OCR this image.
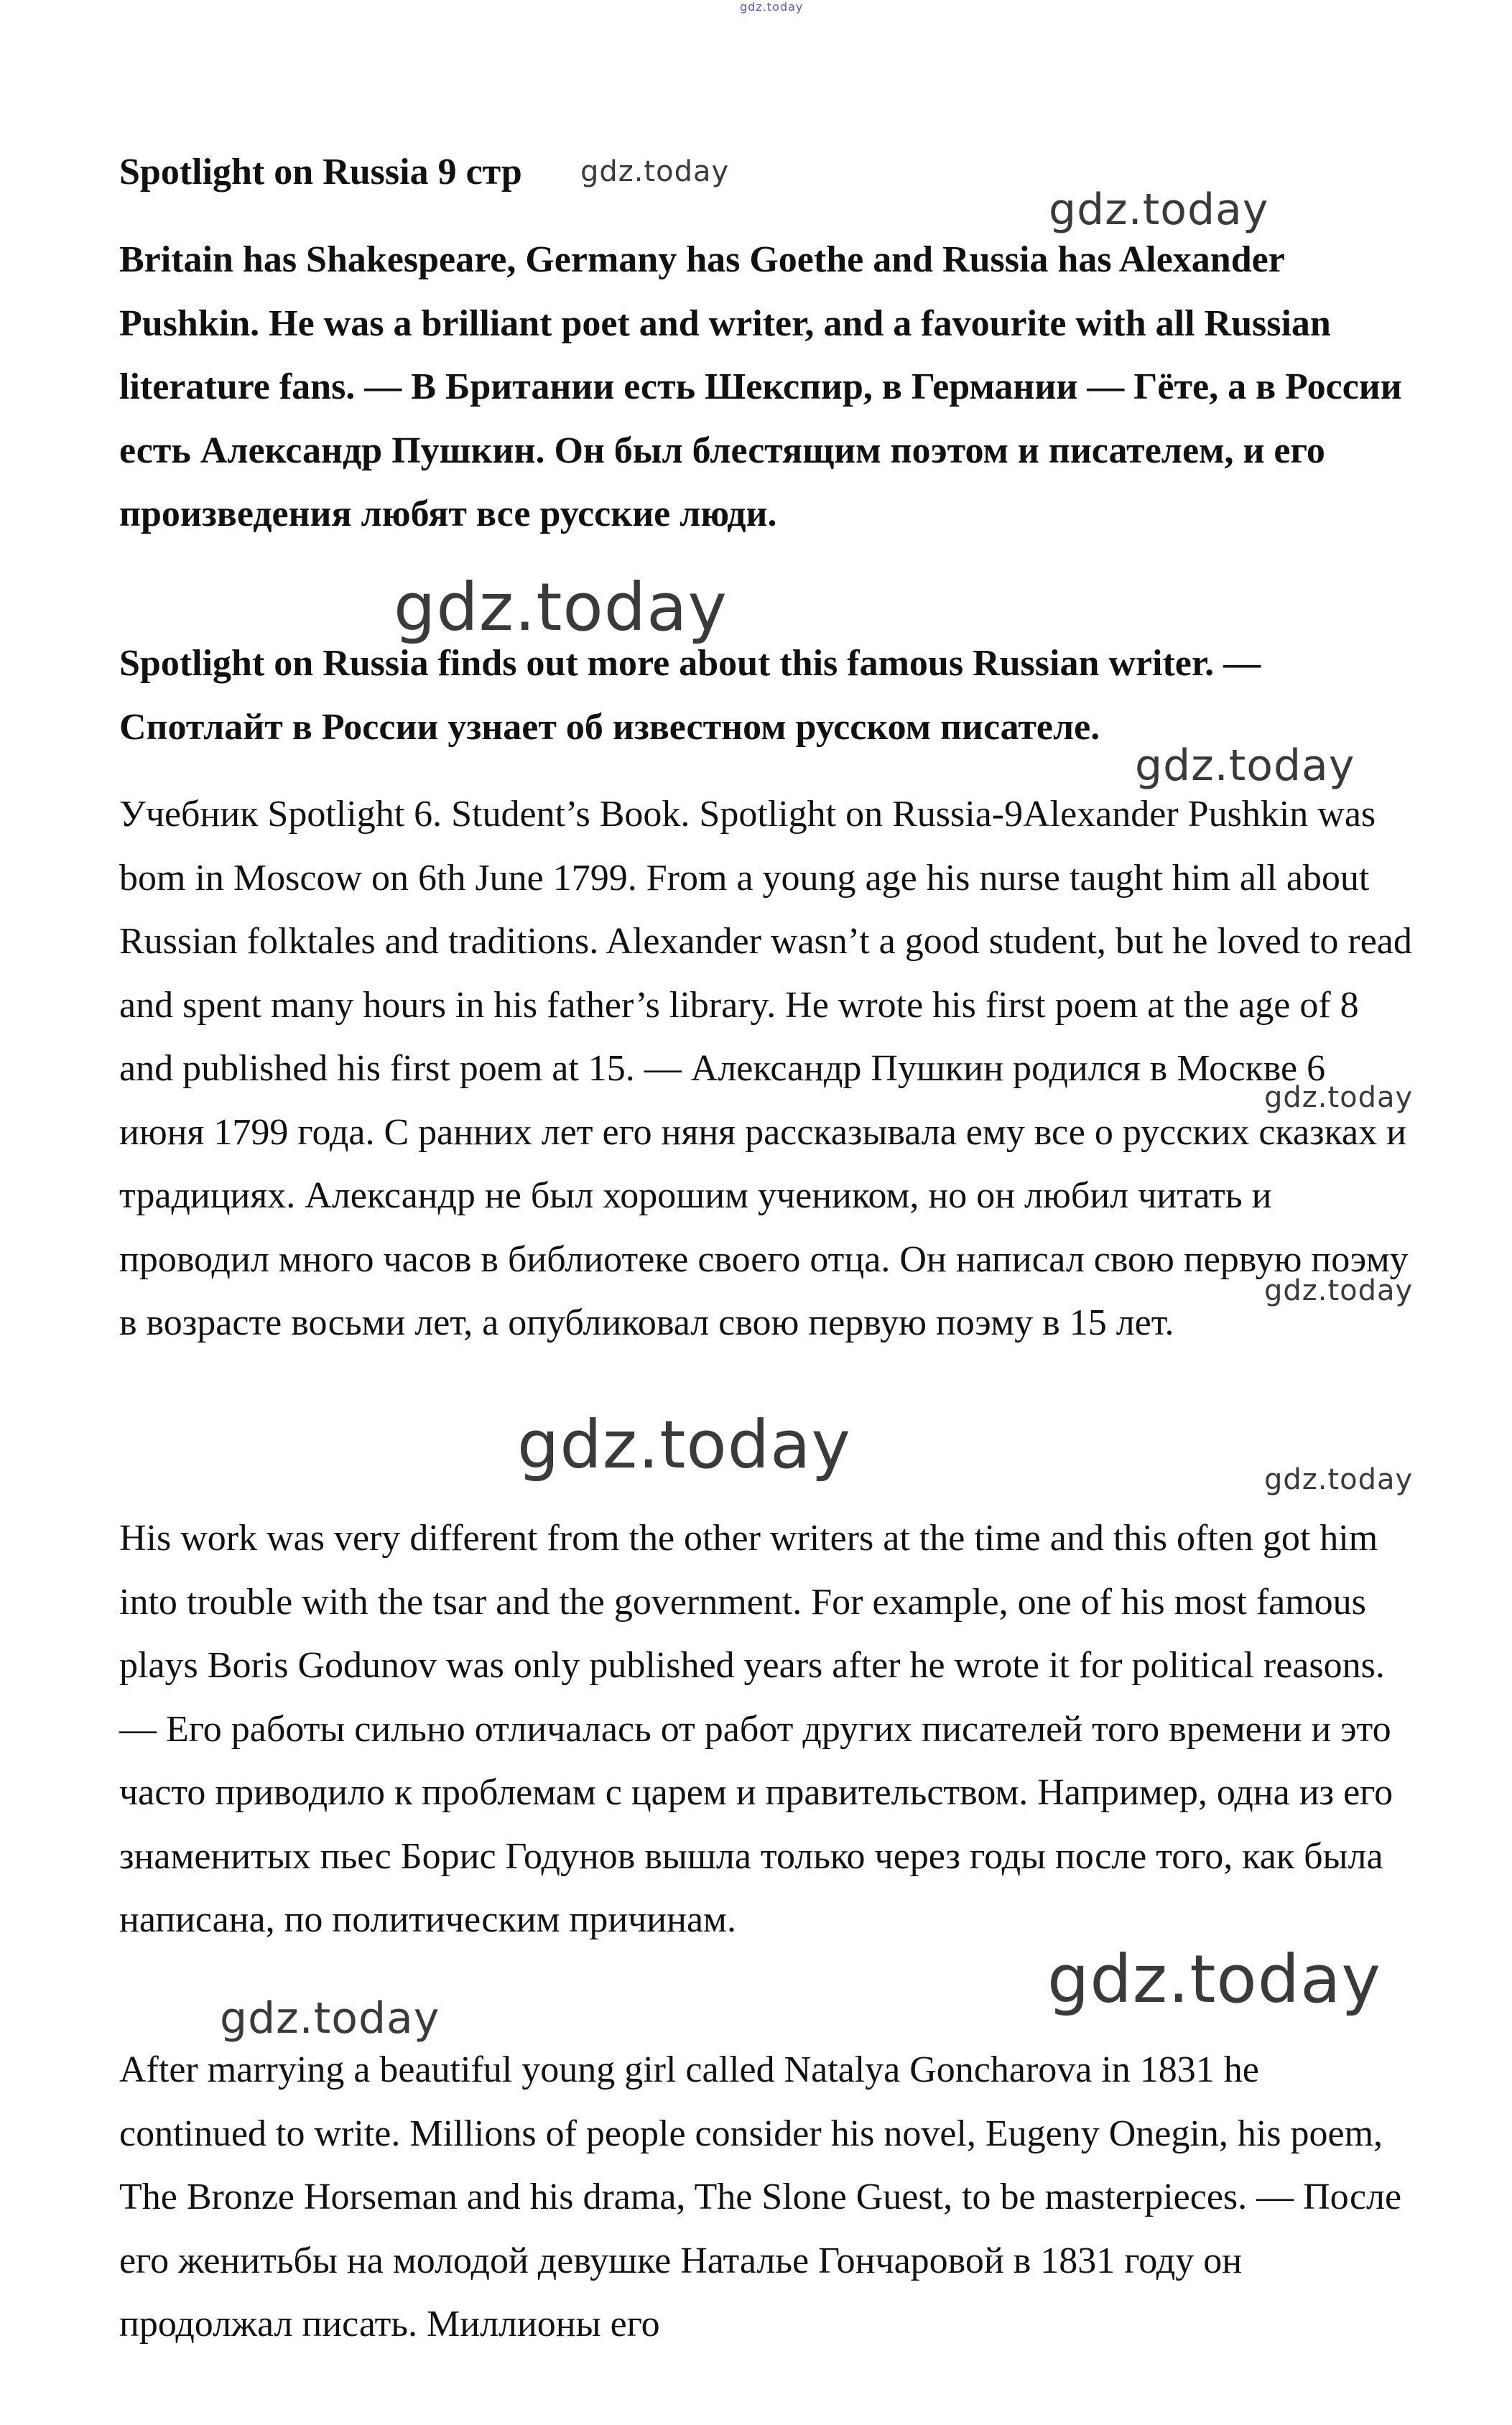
gdz.today
gdz.today
gdz.today
gdz.today
gdz.today
gdz.today
gdz.today
gdz.today	gdz.today
gdz.today
gdz.today

Spotlight on Russia 9 стр

Britain has Shakespeare, Germany has Goethe and Russia has Alexander Pushkin. He was a brilliant poet and writer, and a favourite with all Russian literature fans. — В Британии есть Шекспир, в Германии — Гёте, а в России есть Александр Пушкин. Он был блестящим поэтом и писателем, и его произведения любят все русские люди.

Spotlight on Russia finds out more about this famous Russian writer. — Спотлайт в России узнает об известном русском писателе.

Учебник Spotlight 6. Student’s Book. Spotlight on Russia-9Alexander Pushkin was bom in Moscow on 6th June 1799. From a young age his nurse taught him all about Russian folktales and traditions. Alexander wasn’t a good student, but he loved to read and spent many hours in his father’s library. He wrote his first poem at the age of 8 and published his first poem at 15. — Александр Пушкин родился в Москве 6 июня 1799 года. С ранних лет его няня рассказывала ему все о русских сказках и традициях. Александр не был хорошим учеником, но он любил читать и проводил много часов в библиотеке своего отца. Он написал свою первую поэму в возрасте восьми лет, а опубликовал свою первую поэму в 15 лет.

His work was very different from the other writers at the time and this often got him into trouble with the tsar and the government. For example, one of his most famous plays Boris Godunov was only published years after he wrote it for political reasons. — Его работы сильно отличалась от работ других писателей того времени и это часто приводило к проблемам с царем и правительством. Например, одна из его знаменитых пьес Борис Годунов вышла только через годы после того, как была написана, по политическим причинам.

After marrying a beautiful young girl called Natalya Goncharova in 1831 he continued to write. Millions of people consider his novel, Eugeny Onegin, his poem, The Bronze Horseman and his drama, The Slone Guest, to be masterpieces. — После его женитьбы на молодой девушке Наталье Гончаровой в 1831 году он продолжал писать. Миллионы его
